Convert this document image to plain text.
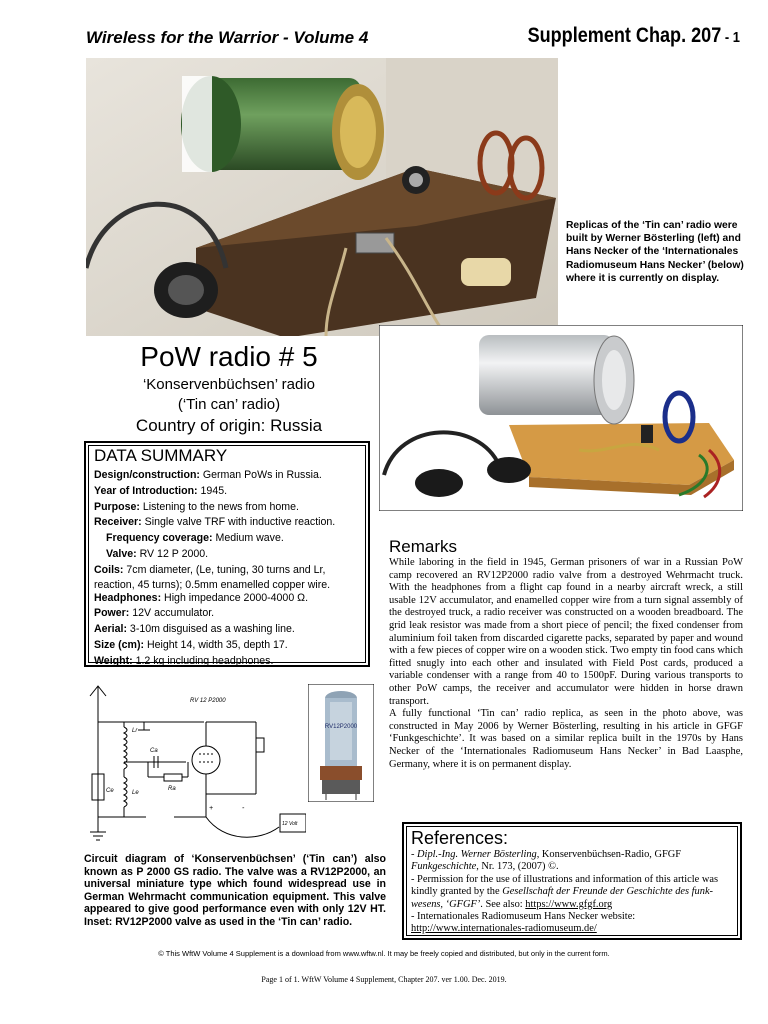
Wireless for the Warrior - Volume 4	Supplement Chap. 207 - 1
Replicas of the ‘Tin can’ radio were built by Werner Bösterling (left) and Hans Necker of the ‘Internationales Radiomuseum Hans Necker’ (below) where it is currently on display.
PoW radio # 5
‘Konservenbüchsen’ radio
(‘Tin can’ radio)
Country of origin: Russia
DATA SUMMARY
Design/construction: German PoWs in Russia.
Year of Introduction: 1945.
Purpose: Listening to the news from home.
Receiver: Single valve TRF with inductive reaction.
Frequency coverage: Medium wave.
Valve: RV 12 P 2000.
Coils: 7cm diameter, (Le, tuning, 30 turns and Lr,
reaction, 45 turns); 0.5mm enamelled copper wire.
Headphones: High impedance 2000-4000 Ω.
Power: 12V accumulator.
Aerial: 3-10m disguised as a washing line.
Size (cm): Height 14, width 35, depth 17.
Weight: 1.2 kg including headphones.
Remarks

While laboring in the field in 1945, German prisoners of war in a Russian PoW camp recovered an RV12P2000 radio valve from a destroyed Wehrmacht truck. With the headphones from a flight cap found in a nearby aircraft wreck, a still usable 12V accumulator, and enamelled copper wire from a turn signal assembly of the destroyed truck, a radio receiver was constructed on a wooden breadboard. The grid leak resistor was made from a short piece of pencil; the fixed condenser from aluminium foil taken from discarded cigarette packs, separated by paper and wound with a few pieces of copper wire on a wooden stick. Two empty tin food cans which fitted snugly into each other and insulated with Field Post cards, produced a variable condenser with a range from 40 to 1500pF. During various transports to other PoW camps, the receiver and accumulator were hidden in horse drawn transport.

A fully functional ‘Tin can’ radio replica, as seen in the photo above, was constructed in May 2006 by Werner Bösterling, resulting in his article in GFGF ‘Funkgeschichte’. It was based on a similar replica built in the 1970s by Hans Necker of the ‘Internationales Radiomuseum Hans Necker’ in Bad Laasphe, Germany, where it is on permanent display.

RV 12 P2000
Lr
Ca
Ra
Ce	Le
+	-
12 Volt
RV12P2000
Circuit diagram of ‘Konservenbüchsen’ (‘Tin can’) also known as P 2000 GS radio. The valve was a RV12P2000, an universal miniature type which found widespread use in German Wehrmacht communication equipment. This valve appeared to give good performance even with only 12V HT. Inset: RV12P2000 valve as used in the ‘Tin can’ radio.
References:
- Dipl.-Ing. Werner Bösterling, Konservenbüchsen-Radio, GFGF
Funkgeschichte, Nr. 173, (2007) ©.
- Permission for the use of illustrations and information of this article was kindly granted by the Gesellschaft der Freunde der Geschichte des funk-wesens, ‘GFGF’. See also: https://www.gfgf.org
- Internationales Radiomuseum Hans Necker website:
http://www.internationales-radiomuseum.de/
© This WftW Volume 4 Supplement is a download from www.wftw.nl. It may be freely copied and distributed, but only in the current form.
Page 1 of 1. WftW Volume 4 Supplement, Chapter 207. ver 1.00. Dec. 2019.
